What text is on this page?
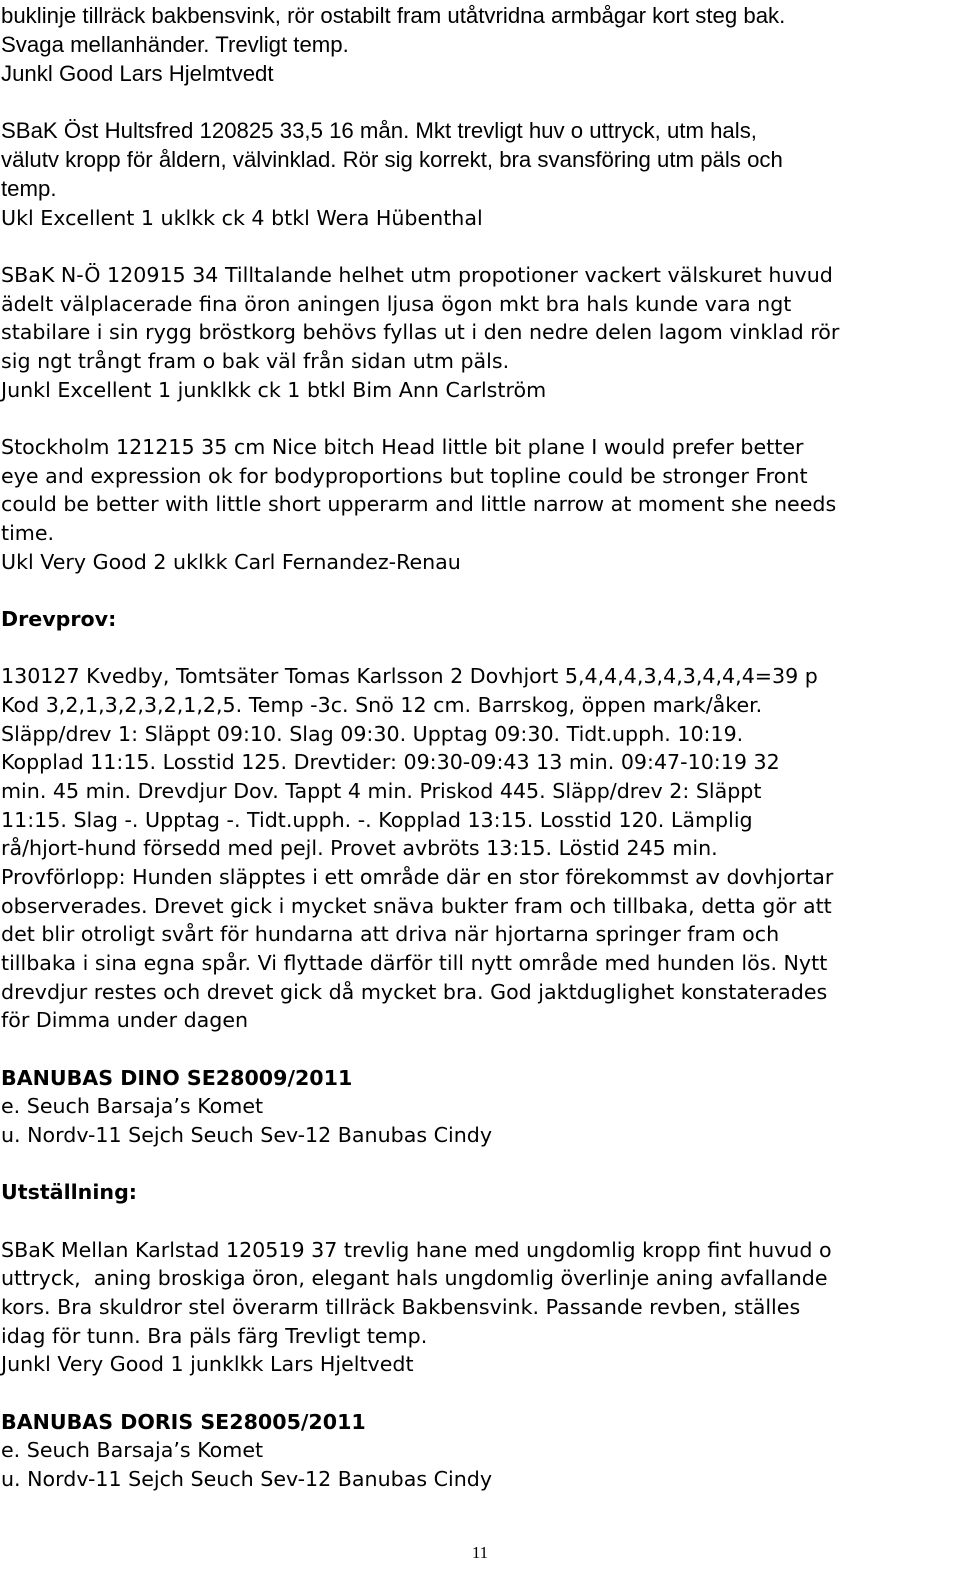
buklinje tillräck bakbensvink, rör ostabilt fram utåtvridna armbågar kort steg bak.
Svaga mellanhänder. Trevligt temp.
Junkl Good Lars Hjelmtvedt
SBaK Öst Hultsfred 120825 33,5 16 mån. Mkt trevligt huv o uttryck, utm hals,
välutv kropp för åldern, välvinklad. Rör sig korrekt, bra svansföring utm päls och
temp.
Ukl Excellent 1 uklkk ck 4 btkl Wera Hübenthal
SBaK N-Ö 120915 34 Tilltalande helhet utm propotioner vackert välskuret huvud
ädelt välplacerade fina öron aningen ljusa ögon mkt bra hals kunde vara ngt
stabilare i sin rygg bröstkorg behövs fyllas ut i den nedre delen lagom vinklad rör
sig ngt trångt fram o bak väl från sidan utm päls.
Junkl Excellent 1 junklkk ck 1 btkl Bim Ann Carlström
Stockholm 121215 35 cm Nice bitch Head little bit plane I would prefer better
eye and expression ok for bodyproportions but topline could be stronger Front
could be better with little short upperarm and little narrow at moment she needs
time.
Ukl Very Good 2 uklkk Carl Fernandez-Renau
Drevprov:
130127 Kvedby, Tomtsäter Tomas Karlsson 2 Dovhjort 5,4,4,4,3,4,3,4,4,4=39 p
Kod 3,2,1,3,2,3,2,1,2,5. Temp -3c. Snö 12 cm. Barrskog, öppen mark/åker.
Släpp/drev 1: Släppt 09:10. Slag 09:30. Upptag 09:30. Tidt.upph. 10:19.
Kopplad 11:15. Losstid 125. Drevtider: 09:30-09:43 13 min. 09:47-10:19 32
min. 45 min. Drevdjur Dov. Tappt 4 min. Priskod 445. Släpp/drev 2: Släppt
11:15. Slag -. Upptag -. Tidt.upph. -. Kopplad 13:15. Losstid 120. Lämplig
rå/hjort-hund försedd med pejl. Provet avbröts 13:15. Löstid 245 min.
Provförlopp: Hunden släpptes i ett område där en stor förekommst av dovhjortar
observerades. Drevet gick i mycket snäva bukter fram och tillbaka, detta gör att
det blir otroligt svårt för hundarna att driva när hjortarna springer fram och
tillbaka i sina egna spår. Vi flyttade därför till nytt område med hunden lös. Nytt
drevdjur restes och drevet gick då mycket bra. God jaktduglighet konstaterades
för Dimma under dagen
BANUBAS DINO SE28009/2011
e. Seuch Barsaja’s Komet
u. Nordv-11 Sejch Seuch Sev-12 Banubas Cindy
Utställning:
SBaK Mellan Karlstad 120519 37 trevlig hane med ungdomlig kropp fint huvud o
uttryck,  aning broskiga öron, elegant hals ungdomlig överlinje aning avfallande
kors. Bra skuldror stel överarm tillräck Bakbensvink. Passande revben, ställes
idag för tunn. Bra päls färg Trevligt temp.
Junkl Very Good 1 junklkk Lars Hjeltvedt
BANUBAS DORIS SE28005/2011
e. Seuch Barsaja’s Komet
u. Nordv-11 Sejch Seuch Sev-12 Banubas Cindy
11
